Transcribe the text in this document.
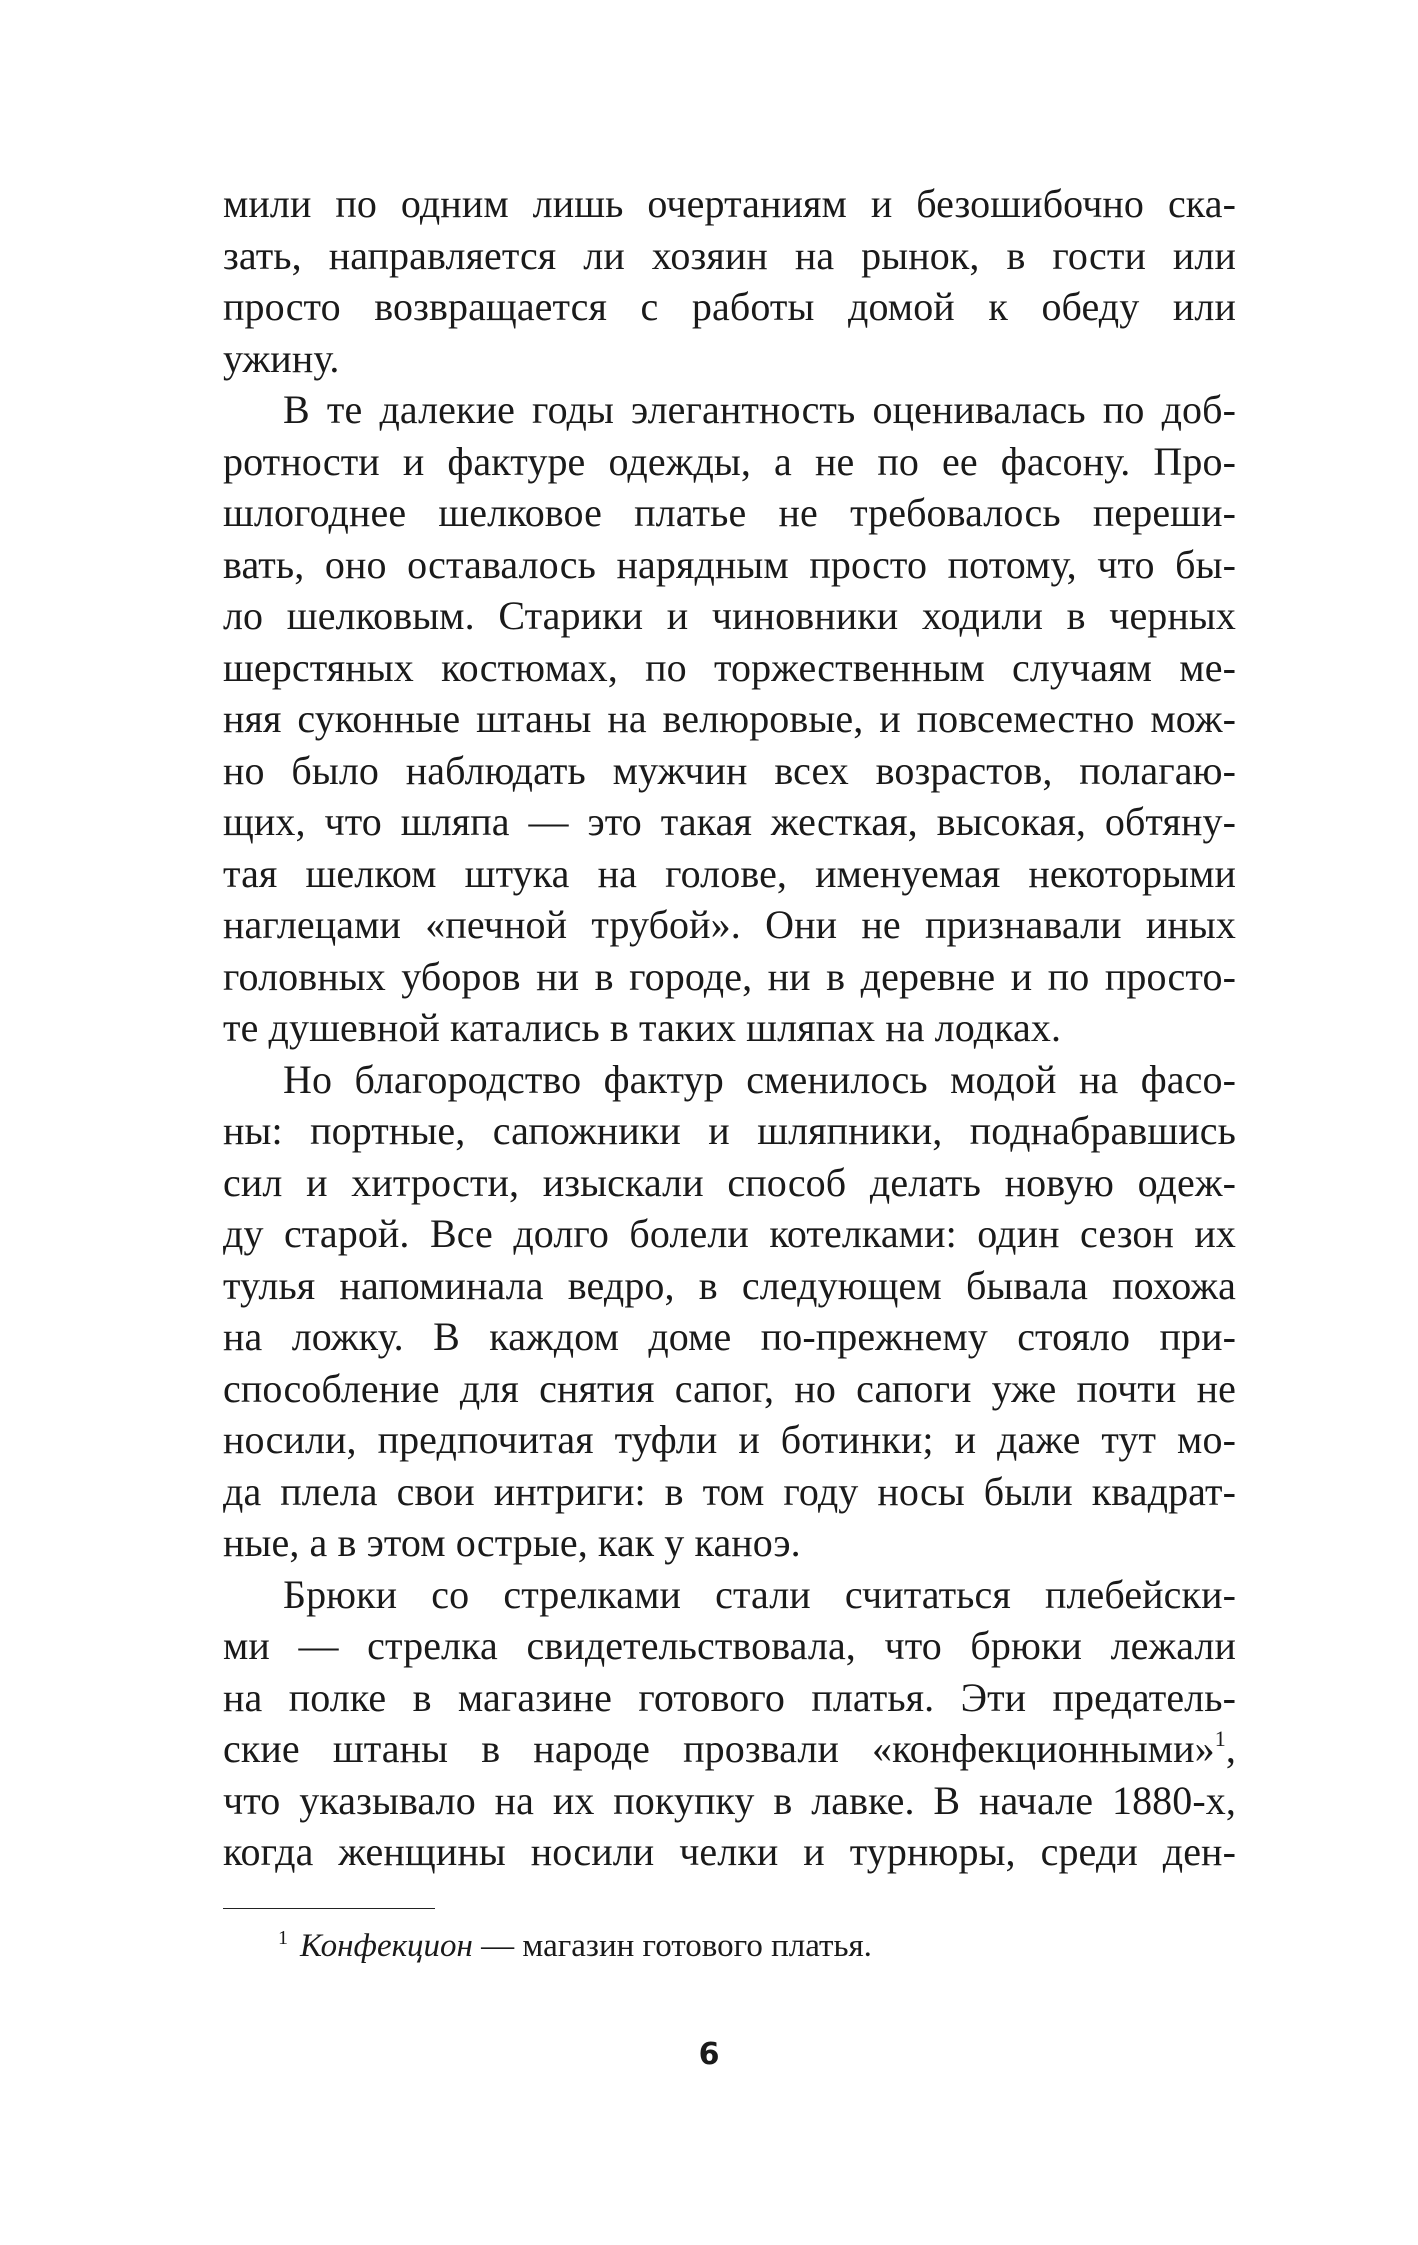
мили по одним лишь очертаниям и безошибочно ска-
зать, направляется ли хозяин на рынок, в гости или
просто возвращается с работы домой к обеду или
ужину.
В те далекие годы элегантность оценивалась по доб-
ротности и фактуре одежды, а не по ее фасону. Про-
шлогоднее шелковое платье не требовалось переши-
вать, оно оставалось нарядным просто потому, что бы-
ло шелковым. Старики и чиновники ходили в черных
шерстяных костюмах, по торжественным случаям ме-
няя суконные штаны на велюровые, и повсеместно мож-
но было наблюдать мужчин всех возрастов, полагаю-
щих, что шляпа — это такая жесткая, высокая, обтяну-
тая шелком штука на голове, именуемая некоторыми
наглецами «печной трубой». Они не признавали иных
головных уборов ни в городе, ни в деревне и по просто-
те душевной катались в таких шляпах на лодках.
Но благородство фактур сменилось модой на фасо-
ны: портные, сапожники и шляпники, поднабравшись
сил и хитрости, изыскали способ делать новую одеж-
ду старой. Все долго болели котелками: один сезон их
тулья напоминала ведро, в следующем бывала похожа
на ложку. В каждом доме по-прежнему стояло при-
способление для снятия сапог, но сапоги уже почти не
носили, предпочитая туфли и ботинки; и даже тут мо-
да плела свои интриги: в том году носы были квадрат-
ные, а в этом острые, как у каноэ.
Брюки со стрелками стали считаться плебейски-
ми — стрелка свидетельствовала, что брюки лежали
на полке в магазине готового платья. Эти предатель-
ские штаны в народе прозвали «конфекционными»$^1$,
что указывало на их покупку в лавке. В начале 1880-х,
когда женщины носили челки и турнюры, среди ден-
$^1$ Конфекцион — магазин готового платья.
6
